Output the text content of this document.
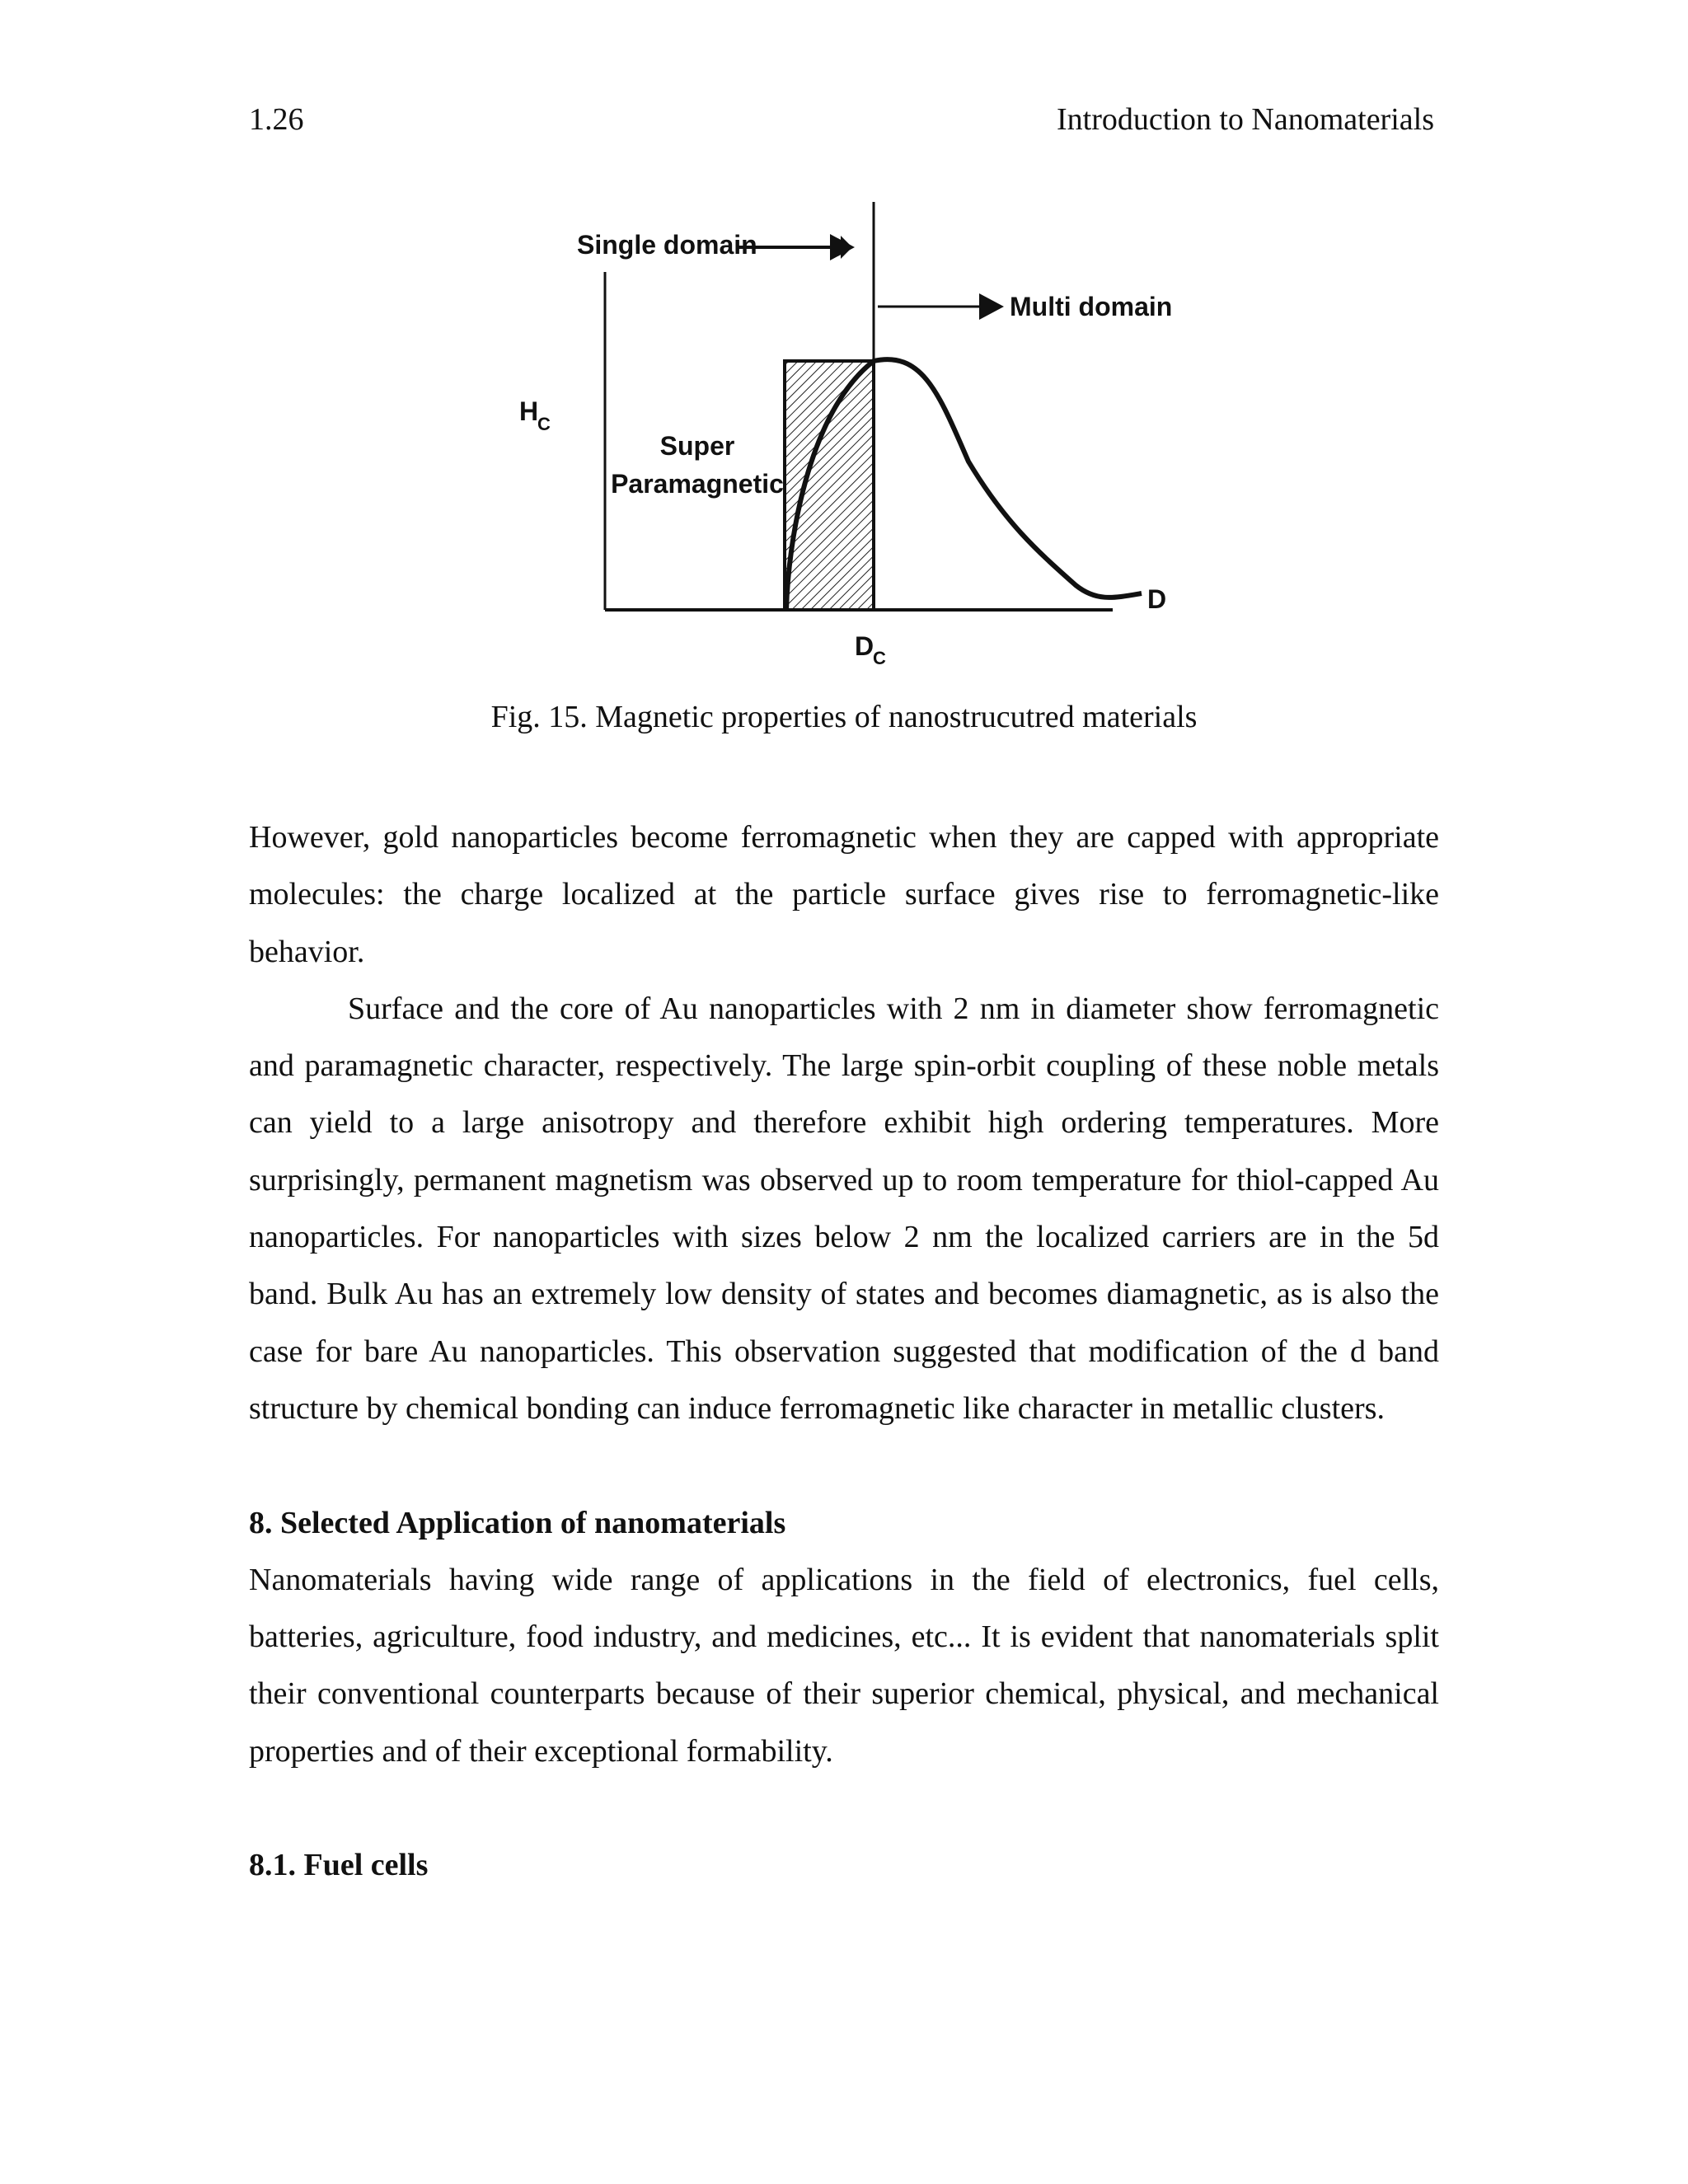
1.26	Introduction to Nanomaterials
Single domain
Multi domain
H
C
Super
Paramagnetic
D
D
C
Fig. 15. Magnetic properties of nanostrucutred materials

However, gold nanoparticles become ferromagnetic when they are capped with appropriate molecules: the charge localized at the particle surface gives rise to ferromagnetic-like behavior.

Surface and the core of Au nanoparticles with 2 nm in diameter show ferromagnetic and paramagnetic character, respectively. The large spin-orbit coupling of these noble metals can yield to a large anisotropy and therefore exhibit high ordering temperatures. More surprisingly, permanent magnetism was observed up to room temperature for thiol-capped Au nanoparticles. For nanoparticles with sizes below 2 nm the localized carriers are in the 5d band. Bulk Au has an extremely low density of states and becomes diamagnetic, as is also the case for bare Au nanoparticles. This observation suggested that modification of the d band structure by chemical bonding can induce ferromagnetic like character in metallic clusters.

8. Selected Application of nanomaterials

Nanomaterials having wide range of applications in the field of electronics, fuel cells, batteries, agriculture, food industry, and medicines, etc... It is evident that nanomaterials split their conventional counterparts because of their superior chemical, physical, and mechanical properties and of their exceptional formability.

8.1. Fuel cells
